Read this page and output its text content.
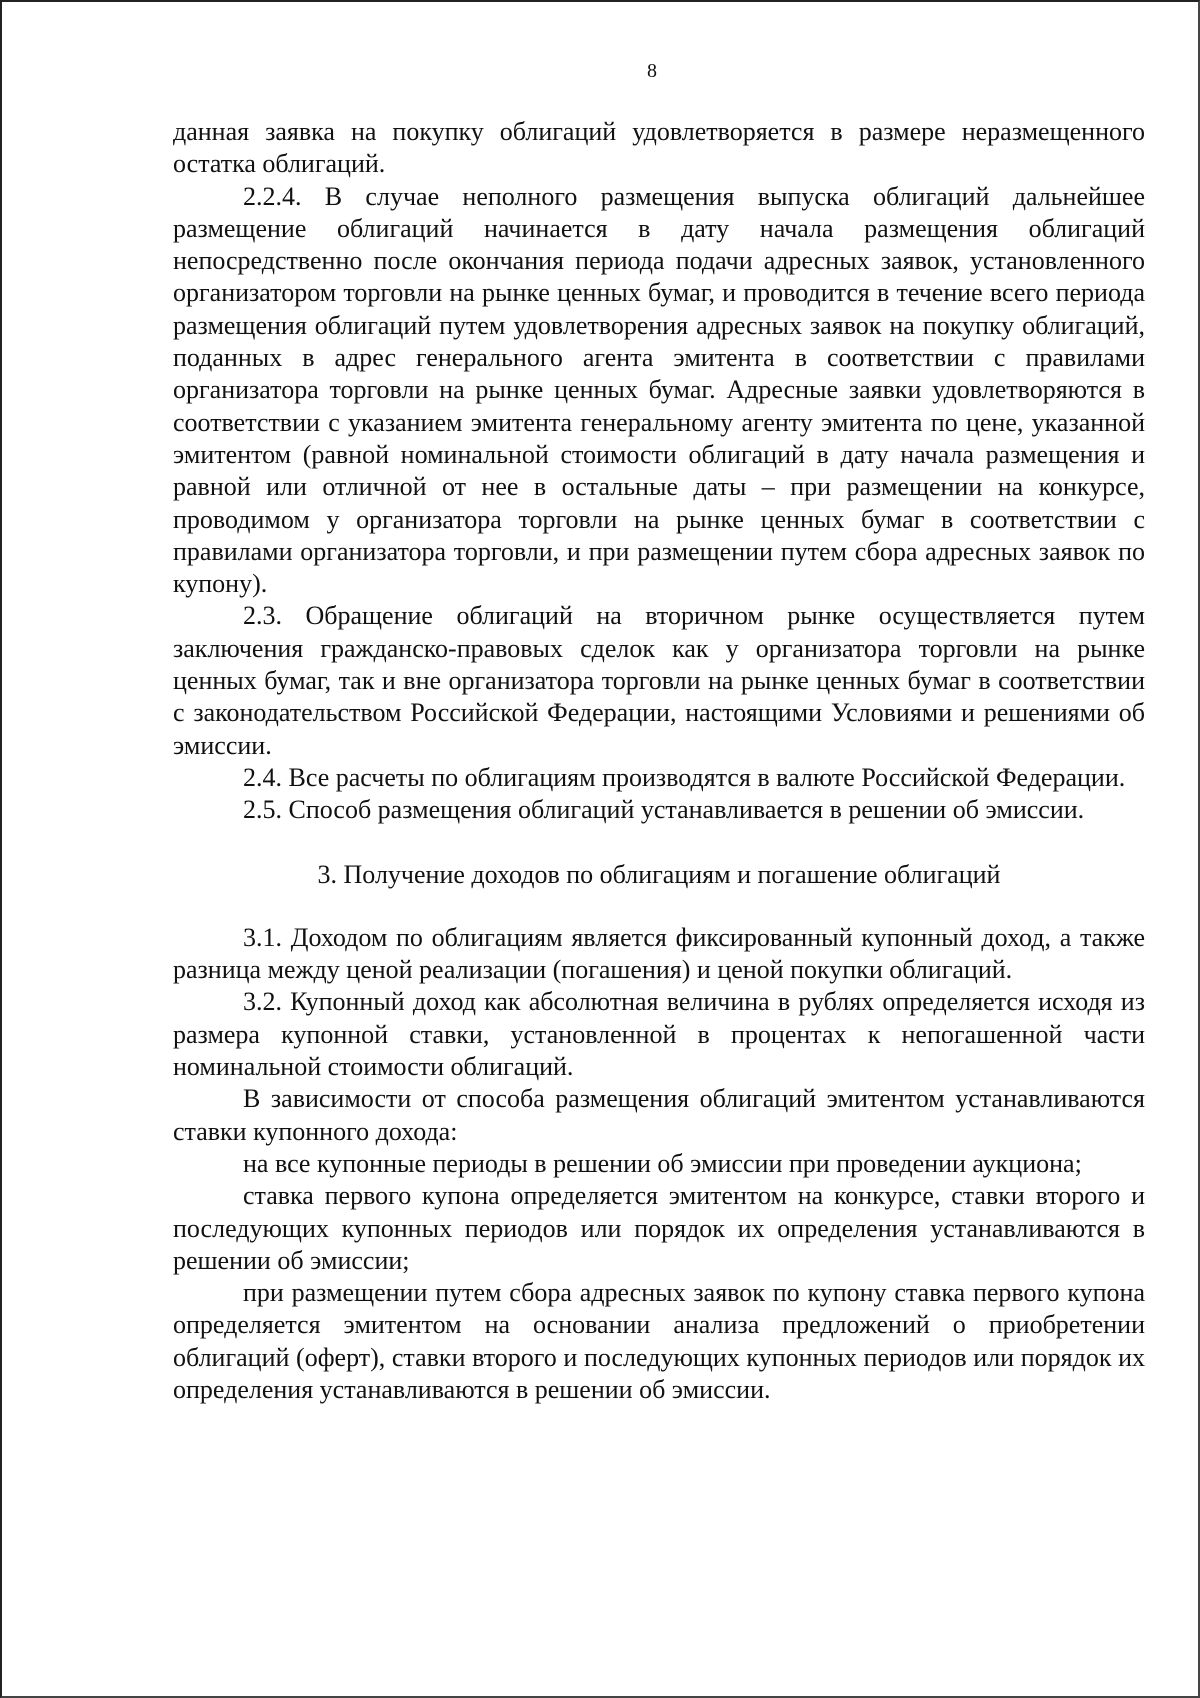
8

данная заявка на покупку облигаций удовлетворяется в размере неразмещенного остатка облигаций.

2.2.4. В случае неполного размещения выпуска облигаций дальнейшее размещение облигаций начинается в дату начала размещения облигаций непосредственно после окончания периода подачи адресных заявок, установленного организатором торговли на рынке ценных бумаг, и проводится в течение всего периода размещения облигаций путем удовлетворения адресных заявок на покупку облигаций, поданных в адрес генерального агента эмитента в соответствии с правилами организатора торговли на рынке ценных бумаг. Адресные заявки удовлетворяются в соответствии с указанием эмитента генеральному агенту эмитента по цене, указанной эмитентом (равной номинальной стоимости облигаций в дату начала размещения и равной или отличной от нее в остальные даты – при размещении на конкурсе, проводимом у организатора торговли на рынке ценных бумаг в соответствии с правилами организатора торговли, и при размещении путем сбора адресных заявок по купону).

2.3. Обращение облигаций на вторичном рынке осуществляется путем заключения гражданско-правовых сделок как у организатора торговли на рынке ценных бумаг, так и вне организатора торговли на рынке ценных бумаг в соответствии с законодательством Российской Федерации, настоящими Условиями и решениями об эмиссии.

2.4. Все расчеты по облигациям производятся в валюте Российской Федерации.

2.5. Способ размещения облигаций устанавливается в решении об эмиссии.

3. Получение доходов по облигациям и погашение облигаций

3.1. Доходом по облигациям является фиксированный купонный доход, а также разница между ценой реализации (погашения) и ценой покупки облигаций.

3.2. Купонный доход как абсолютная величина в рублях определяется исходя из размера купонной ставки, установленной в процентах к непогашенной части номинальной стоимости облигаций.

В зависимости от способа размещения облигаций эмитентом устанавливаются ставки купонного дохода:

на все купонные периоды в решении об эмиссии при проведении аукциона;

ставка первого купона определяется эмитентом на конкурсе, ставки второго и последующих купонных периодов или порядок их определения устанавливаются в решении об эмиссии;

при размещении путем сбора адресных заявок по купону ставка первого купона определяется эмитентом на основании анализа предложений о приобретении облигаций (оферт), ставки второго и последующих купонных периодов или порядок их определения устанавливаются в решении об эмиссии.
